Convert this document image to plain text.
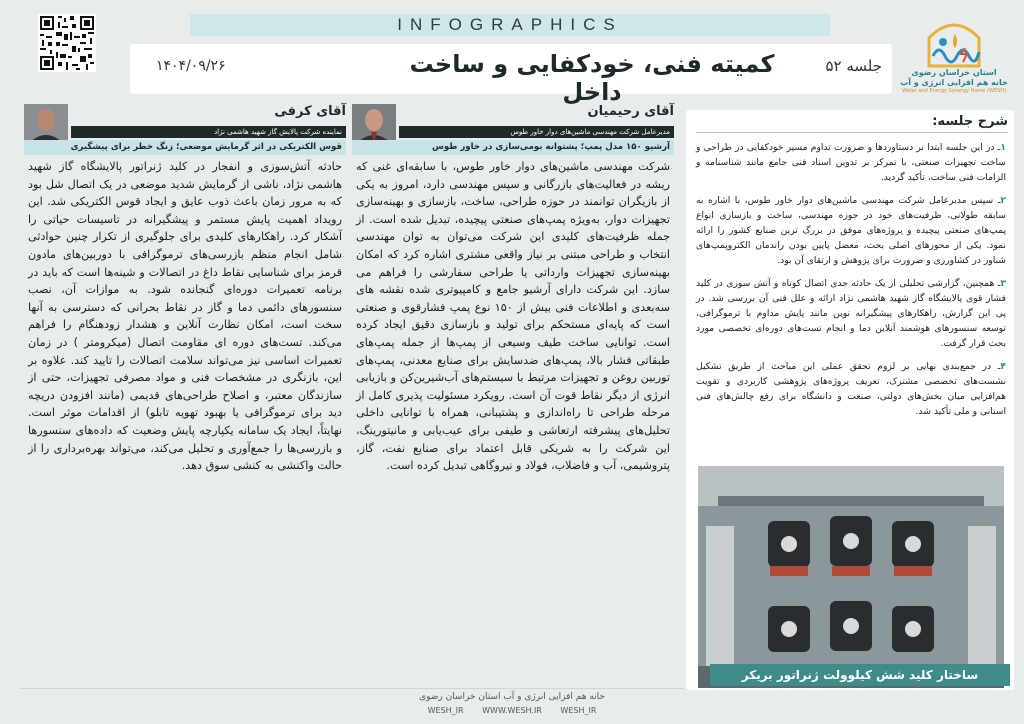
استان خراسان رضوی
خانه هم افزایی انرژی و آب
Water and Energy Synergy Home (WESH)
INFOGRAPHICS
جلسه ۵۲
کمیته فنی، خودکفایی و ساخت داخل
۱۴۰۴/۰۹/۲۶
شرح جلسه:

۱ـ در این جلسه ابتدا بر دستاوردها و ضرورت تداوم مسیر خودکفایی در طراحی و ساخت تجهیزات صنعتی، با تمرکز بر تدوین اسناد فنی جامع مانند شناسنامه و الزامات فنی ساخت، تأکید گردید.

۲ـ سپس مدیرعامل شرکت مهندسی ماشین‌های دوار خاور طوس، با اشاره به سابقه طولانی، ظرفیت‌های خود در حوزه مهندسی، ساخت و بازسازی انواع پمپ‌های صنعتی پیچیده و پروژه‌های موفق در بزرگ ترین صنایع کشور را ارائه نمود. یکی از محورهای اصلی بحث، معضل پایین بودن راندمان الکتروپمپ‌های شناور در کشاورزی و ضرورت برای پژوهش و ارتقای آن بود.

۳ـ همچنین، گزارشی تحلیلی از یک حادثه جدی اتصال کوتاه و آتش سوزی در کلید فشار قوی پالایشگاه گاز شهید هاشمی نژاد ارائه و علل فنی آن بررسی شد. در پی این گزارش، راهکارهای پیشگیرانه نوین مانند پایش مداوم با ترموگرافی، توسعه سنسورهای هوشمند آنلاین دما و انجام تست‌های دوره‌ای تخصصی مورد بحث قرار گرفت.

۴ـ در جمع‌بندی نهایی بر لزوم تحقق عملی این مباحث از طریق تشکیل نشست‌های تخصصی مشترک، تعریف پروژه‌های پژوهشی کاربردی و تقویت هم‌افزایی میان بخش‌های دولتی، صنعت و دانشگاه برای رفع چالش‌های فنی استانی و ملی تأکید شد.

ساختار کلید شش کیلوولت ژنراتور بریکر
آقای رحیمیان
مدیرعامل شرکت مهندسی ماشین‌های دوار خاور طوس
آرشیو ۱۵۰ مدل پمپ؛ پشتوانه بومی‌سازی در خاور طوس

شرکت مهندسی ماشین‌های دوار خاور طوس، با سابقه‌ای غنی که ریشه در فعالیت‌های بازرگانی و سپس مهندسی دارد، امروز به یکی از بازیگران توانمند در حوزه طراحی، ساخت، بازسازی و بهینه‌سازی تجهیزات دوار، به‌ویژه پمپ‌های صنعتی پیچیده، تبدیل شده است. از جمله ظرفیت‌های کلیدی این شرکت می‌توان به توان مهندسی انتخاب و طراحی مبتنی بر نیاز واقعی مشتری اشاره کرد که امکان بهینه‌سازی تجهیزات وارداتی یا طراحی سفارشی را فراهم می سازد. این شرکت دارای آرشیو جامع و کامپیوتری شده نقشه های سه‌بعدی و اطلاعات فنی بیش از ۱۵۰ نوع پمپ فشارقوی و صنعتی است که پایه‌ای مستحکم برای تولید و بازسازی دقیق ایجاد کرده است. توانایی ساخت طیف وسیعی از پمپ‌ها از جمله پمپ‌های طبقاتی فشار بالا، پمپ‌های ضدسایش برای صنایع معدنی، پمپ‌های توربین روغن و تجهیزات مرتبط با سیستم‌های آب‌شیرین‌کن و بازیابی انرژی از دیگر نقاط قوت آن است. رویکرد مسئولیت پذیری کامل از مرحله طراحی تا راه‌اندازی و پشتیبانی، همراه با توانایی داخلی تحلیل‌های پیشرفته ارتعاشی و طیفی برای عیب‌یابی و مانیتورینگ، این شرکت را به شریکی قابل اعتماد برای صنایع نفت، گاز، پتروشیمی، آب و فاضلاب، فولاد و نیروگاهی تبدیل کرده است.

آقای کرفی
نماینده شرکت پالایش گاز شهید هاشمی نژاد
قوس الکتریکی در اثر گرمایش موضعی؛ زنگ خطر برای پیشگیری

حادثه آتش‌سوزی و انفجار در کلید ژنراتور پالایشگاه گاز شهید هاشمی نژاد، ناشی از گرمایش شدید موضعی در یک اتصال شل بود که به مرور زمان باعث ذوب عایق و ایجاد قوس الکتریکی شد. این رویداد اهمیت پایش مستمر و پیشگیرانه در تاسیسات حیاتی را آشکار کرد. راهکارهای کلیدی برای جلوگیری از تکرار چنین حوادثی شامل انجام منظم بازرسی‌های ترموگرافی با دوربین‌های مادون قرمز برای شناسایی نقاط داغ در اتصالات و شینه‌ها است که باید در برنامه تعمیرات دوره‌ای گنجانده شود. به موازات آن، نصب سنسورهای دائمی دما و گاز در نقاط بحرانی که دسترسی به آنها سخت است، امکان نظارت آنلاین و هشدار زودهنگام را فراهم می‌کند. تست‌های دوره ای مقاومت اتصال (میکرومتر ) در زمان تعمیرات اساسی نیز می‌تواند سلامت اتصالات را تایید کند. علاوه بر این، بازنگری در مشخصات فنی و مواد مصرفی تجهیزات، حتی از سازندگان معتبر، و اصلاح طراحی‌های قدیمی (مانند افزودن دریچه دید برای ترموگرافی یا بهبود تهویه تابلو) از اقدامات موثر است. نهایتاً، ایجاد یک سامانه یکپارچه پایش وضعیت که داده‌های سنسورها و بازرسی‌ها را جمع‌آوری و تحلیل می‌کند، می‌تواند بهره‌برداری را از حالت واکنشی به کنشی سوق دهد.

خانه هم افزایی انرژی و آب استان خراسان رضوی
WESH_IR WWW.WESH.IR WESH_IR
